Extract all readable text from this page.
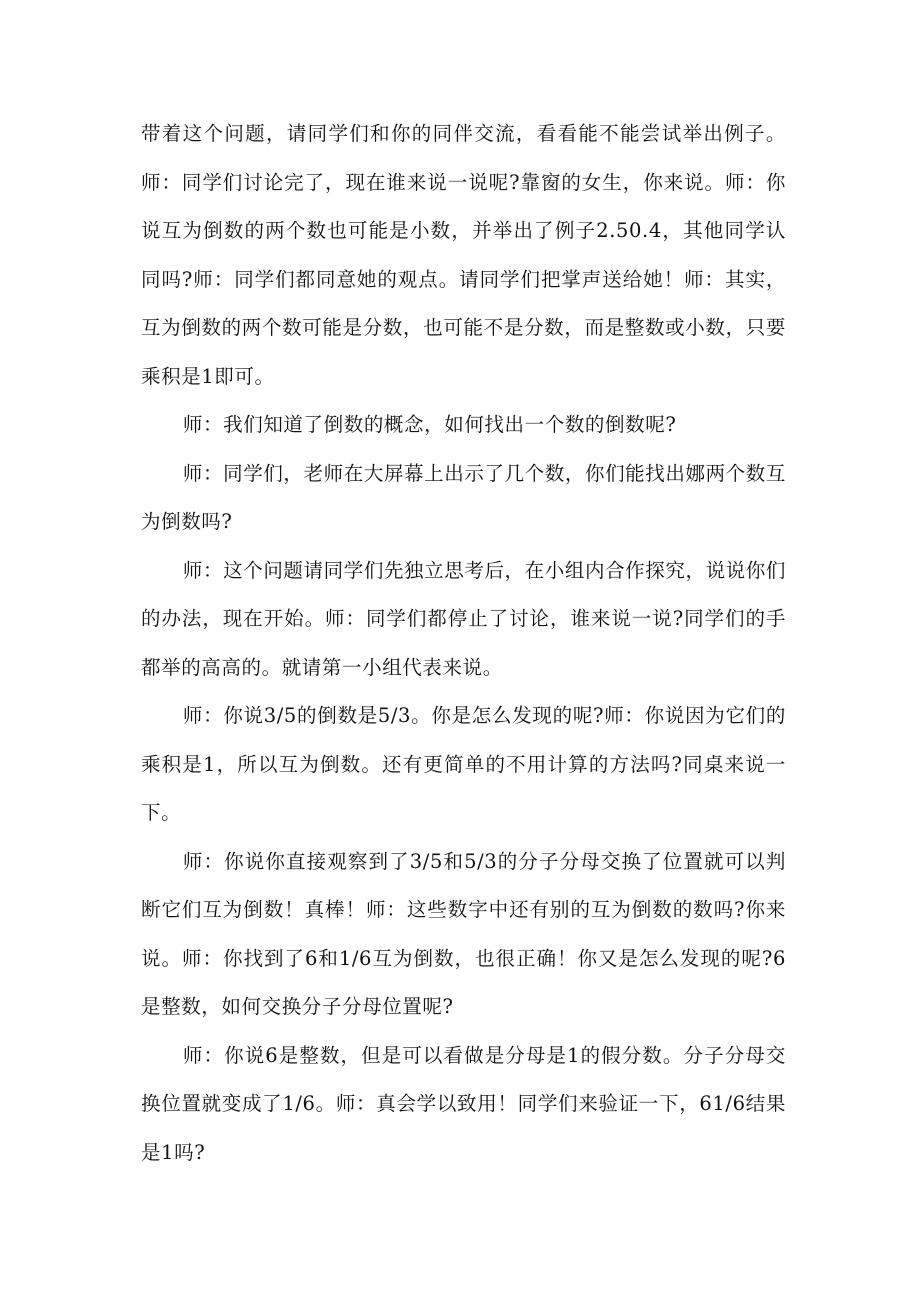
带着这个问题，请同学们和你的同伴交流，看看能不能尝试举出例子。师：同学们讨论完了，现在谁来说一说呢?靠窗的女生，你来说。师：你说互为倒数的两个数也可能是小数，并举出了例子2.50.4，其他同学认同吗?师：同学们都同意她的观点。请同学们把掌声送给她！师：其实，互为倒数的两个数可能是分数，也可能不是分数，而是整数或小数，只要乘积是1即可。

师：我们知道了倒数的概念，如何找出一个数的倒数呢?

师：同学们，老师在大屏幕上出示了几个数，你们能找出娜两个数互为倒数吗?

师：这个问题请同学们先独立思考后，在小组内合作探究，说说你们的办法，现在开始。师：同学们都停止了讨论，谁来说一说?同学们的手都举的高高的。就请第一小组代表来说。

师：你说3/5的倒数是5/3。你是怎么发现的呢?师：你说因为它们的乘积是1，所以互为倒数。还有更简单的不用计算的方法吗?同桌来说一下。

师：你说你直接观察到了3/5和5/3的分子分母交换了位置就可以判断它们互为倒数！真棒！师：这些数字中还有别的互为倒数的数吗?你来说。师：你找到了6和1/6互为倒数，也很正确！你又是怎么发现的呢?6是整数，如何交换分子分母位置呢?

师：你说6是整数，但是可以看做是分母是1的假分数。分子分母交换位置就变成了1/6。师：真会学以致用！同学们来验证一下，61/6结果是1吗?
